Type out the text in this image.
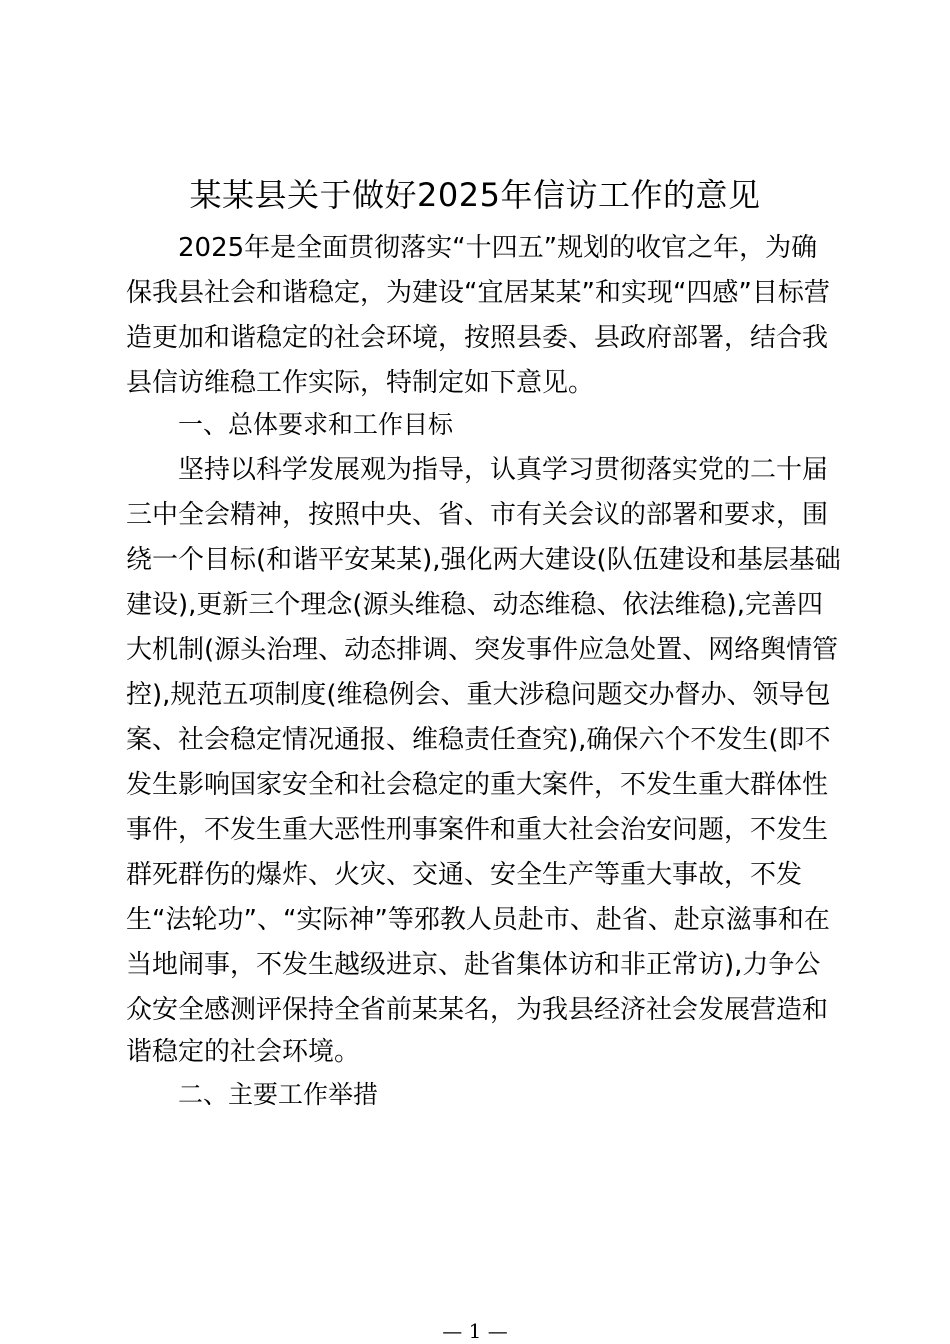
某某县关于做好2025年信访工作的意见
2025年是全面贯彻落实“十四五”规划的收官之年，为确
保我县社会和谐稳定，为建设“宜居某某”和实现“四感”目标营
造更加和谐稳定的社会环境，按照县委、县政府部署，结合我
县信访维稳工作实际，特制定如下意见。
一、总体要求和工作目标
坚持以科学发展观为指导，认真学习贯彻落实党的二十届
三中全会精神，按照中央、省、市有关会议的部署和要求，围
绕一个目标(和谐平安某某),强化两大建设(队伍建设和基层基础
建设),更新三个理念(源头维稳、动态维稳、依法维稳),完善四
大机制(源头治理、动态排调、突发事件应急处置、网络舆情管
控),规范五项制度(维稳例会、重大涉稳问题交办督办、领导包
案、社会稳定情况通报、维稳责任查究),确保六个不发生(即不
发生影响国家安全和社会稳定的重大案件，不发生重大群体性
事件，不发生重大恶性刑事案件和重大社会治安问题，不发生
群死群伤的爆炸、火灾、交通、安全生产等重大事故，不发
生“法轮功”、“实际神”等邪教人员赴市、赴省、赴京滋事和在
当地闹事，不发生越级进京、赴省集体访和非正常访),力争公
众安全感测评保持全省前某某名，为我县经济社会发展营造和
谐稳定的社会环境。
二、主要工作举措
— 1 —
